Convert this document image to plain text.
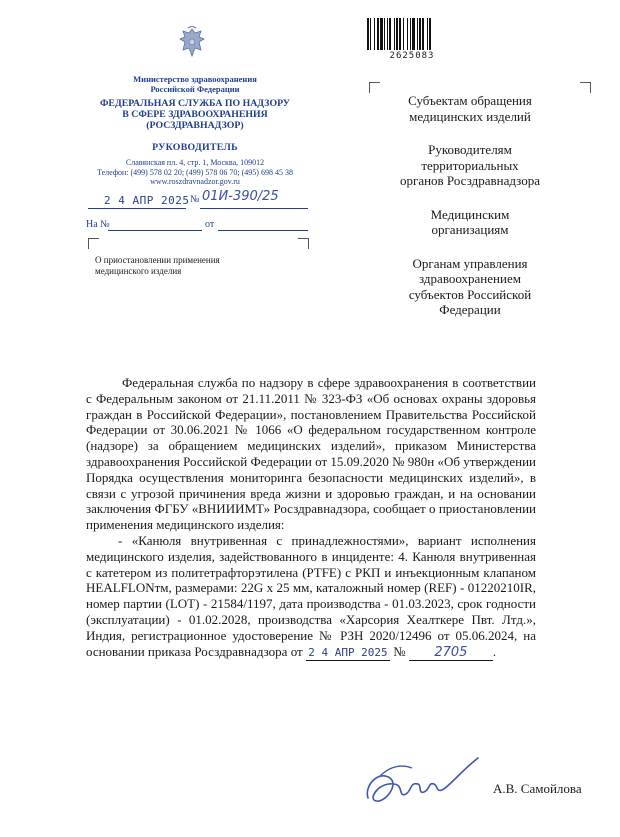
2625083
Министерство здравоохранения
Российской Федерации
ФЕДЕРАЛЬНАЯ СЛУЖБА ПО НАДЗОРУ
В СФЕРЕ ЗДРАВООХРАНЕНИЯ
(РОСЗДРАВНАДЗОР)
РУКОВОДИТЕЛЬ
Славянская пл. 4, стр. 1, Москва, 109012
Телефон: (499) 578 02 20; (499) 578 06 70; (495) 698 45 38
www.roszdravnadzor.gov.ru
2 4 АПР 2025 № 01И-390/25
На №	от
О приостановлении применения
медицинского изделия
Субъектам обращения
медицинских изделий
Руководителям
территориальных
органов Росздравнадзора
Медицинским
организациям
Органам управления
здравоохранением
субъектов Российской
Федерации

Федеральная служба по надзору в сфере здравоохранения в соответствии с Федеральным законом от 21.11.2011 № 323-ФЗ «Об основах охраны здоровья граждан в Российской Федерации», постановлением Правительства Российской Федерации от 30.06.2021 № 1066 «О федеральном государственном контроле (надзоре) за обращением медицинских изделий», приказом Министерства здравоохранения Российской Федерации от 15.09.2020 № 980н «Об утверждении Порядка осуществления мониторинга безопасности медицинских изделий», в связи с угрозой причинения вреда жизни и здоровью граждан, и на основании заключения ФГБУ «ВНИИИМТ» Росздравнадзора, сообщает о приостановлении применения медицинского изделия:

- «Канюля внутривенная с принадлежностями», вариант исполнения медицинского изделия, задействованного в инциденте: 4. Канюля внутривенная с катетером из политетрафторэтилена (PTFE) с РКП и инъекционным клапаном HEALFLONтм, размерами: 22G x 25 мм, каталожный номер (REF) - 01220210IR, номер партии (LOT) - 21584/1197, дата производства - 01.03.2023, срок годности (эксплуатации) - 01.02.2028, производства «Харсория Хеалткере Пвт. Лтд.», Индия, регистрационное удостоверение № РЗН 2020/12496 от 05.06.2024, на основании приказа Росздравнадзора от 2 4 АПР 2025 № 2705 .

А.В. Самойлова
